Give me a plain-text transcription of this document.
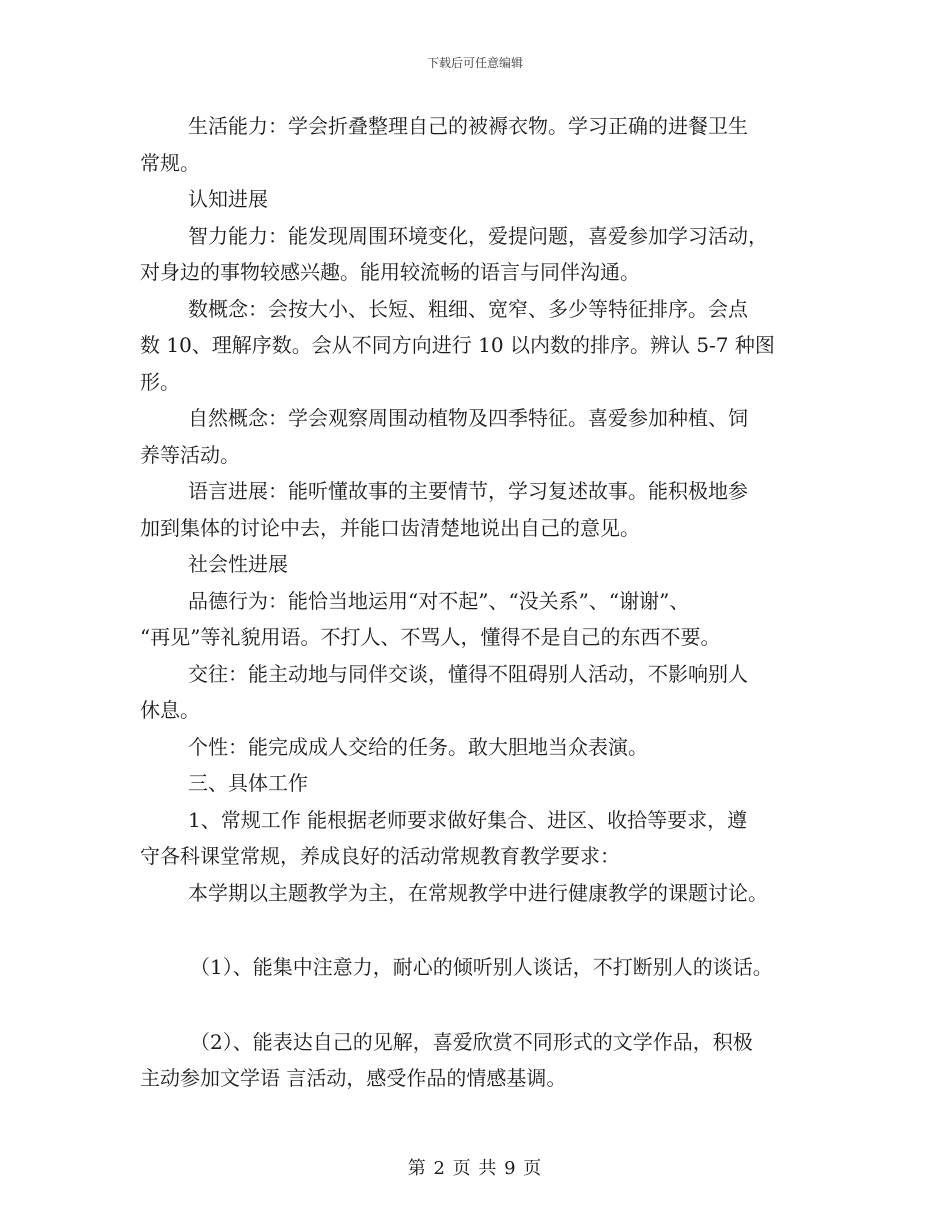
下载后可任意编辑

生活能力：学会折叠整理自己的被褥衣物。学习正确的进餐卫生
常规。

认知进展

智力能力：能发现周围环境变化，爱提问题，喜爱参加学习活动，
对身边的事物较感兴趣。能用较流畅的语言与同伴沟通。

数概念：会按大小、长短、粗细、宽窄、多少等特征排序。会点
数 10、理解序数。会从不同方向进行 10 以内数的排序。辨认 5-7 种图
形。

自然概念：学会观察周围动植物及四季特征。喜爱参加种植、饲
养等活动。

语言进展：能听懂故事的主要情节，学习复述故事。能积极地参
加到集体的讨论中去，并能口齿清楚地说出自己的意见。

社会性进展

品德行为：能恰当地运用“对不起”、“没关系”、“谢谢”、
“再见”等礼貌用语。不打人、不骂人，懂得不是自己的东西不要。

交往：能主动地与同伴交谈，懂得不阻碍别人活动，不影响别人
休息。

个性：能完成成人交给的任务。敢大胆地当众表演。

三、具体工作

1、常规工作 能根据老师要求做好集合、进区、收拾等要求，遵
守各科课堂常规，养成良好的活动常规教育教学要求：

本学期以主题教学为主，在常规教学中进行健康教学的课题讨论。

（1）、能集中注意力，耐心的倾听别人谈话，不打断别人的谈话。

（2）、能表达自己的见解，喜爱欣赏不同形式的文学作品，积极
主动参加文学语 言活动，感受作品的情感基调。

第 2 页 共 9 页
